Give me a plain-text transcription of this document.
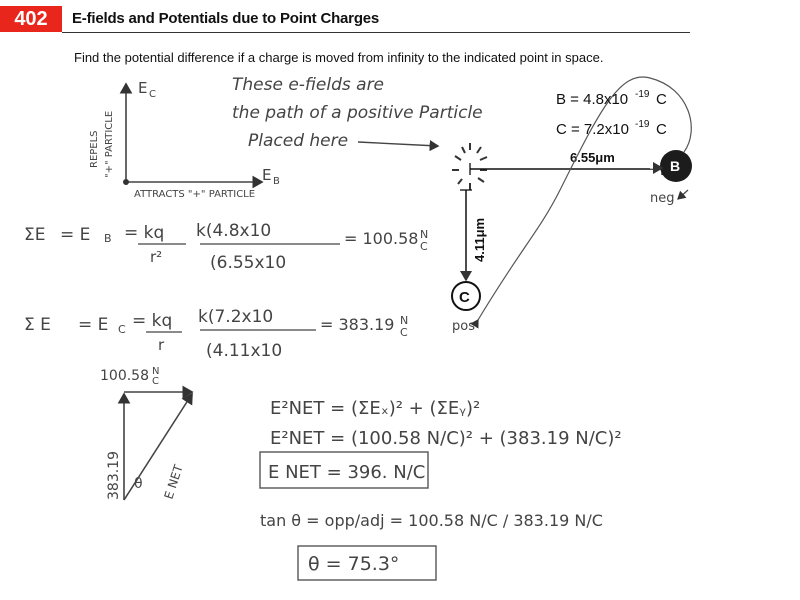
402	E-fields and Potentials due to Point Charges
Find the potential difference if a charge is moved from infinity to the indicated point in space.
E C
E B
REPELS "+" PARTICLE
ATTRACTS "+" PARTICLE
These e-fields are
the path of a positive Particle
Placed here
6.55μm
B
neg
4.11μm
C
pos
B = 4.8x10 -19 C
C = 7.2x10 -19 C
ΣE = E B = kq
r²
k(4.8x10
(6.55x10
= 100.58 N
C
Σ E = E C = kq
r
k(7.2x10
(4.11x10
= 383.19 N
C
100.58 N
C
383.19 θ E NET
E²NET = (ΣEₓ)² + (ΣEᵧ)²
E²NET = (100.58 N/C)² + (383.19 N/C)²
E NET = 396. N/C
tan θ = opp/adj = 100.58 N/C / 383.19 N/C
θ = 75.3°
